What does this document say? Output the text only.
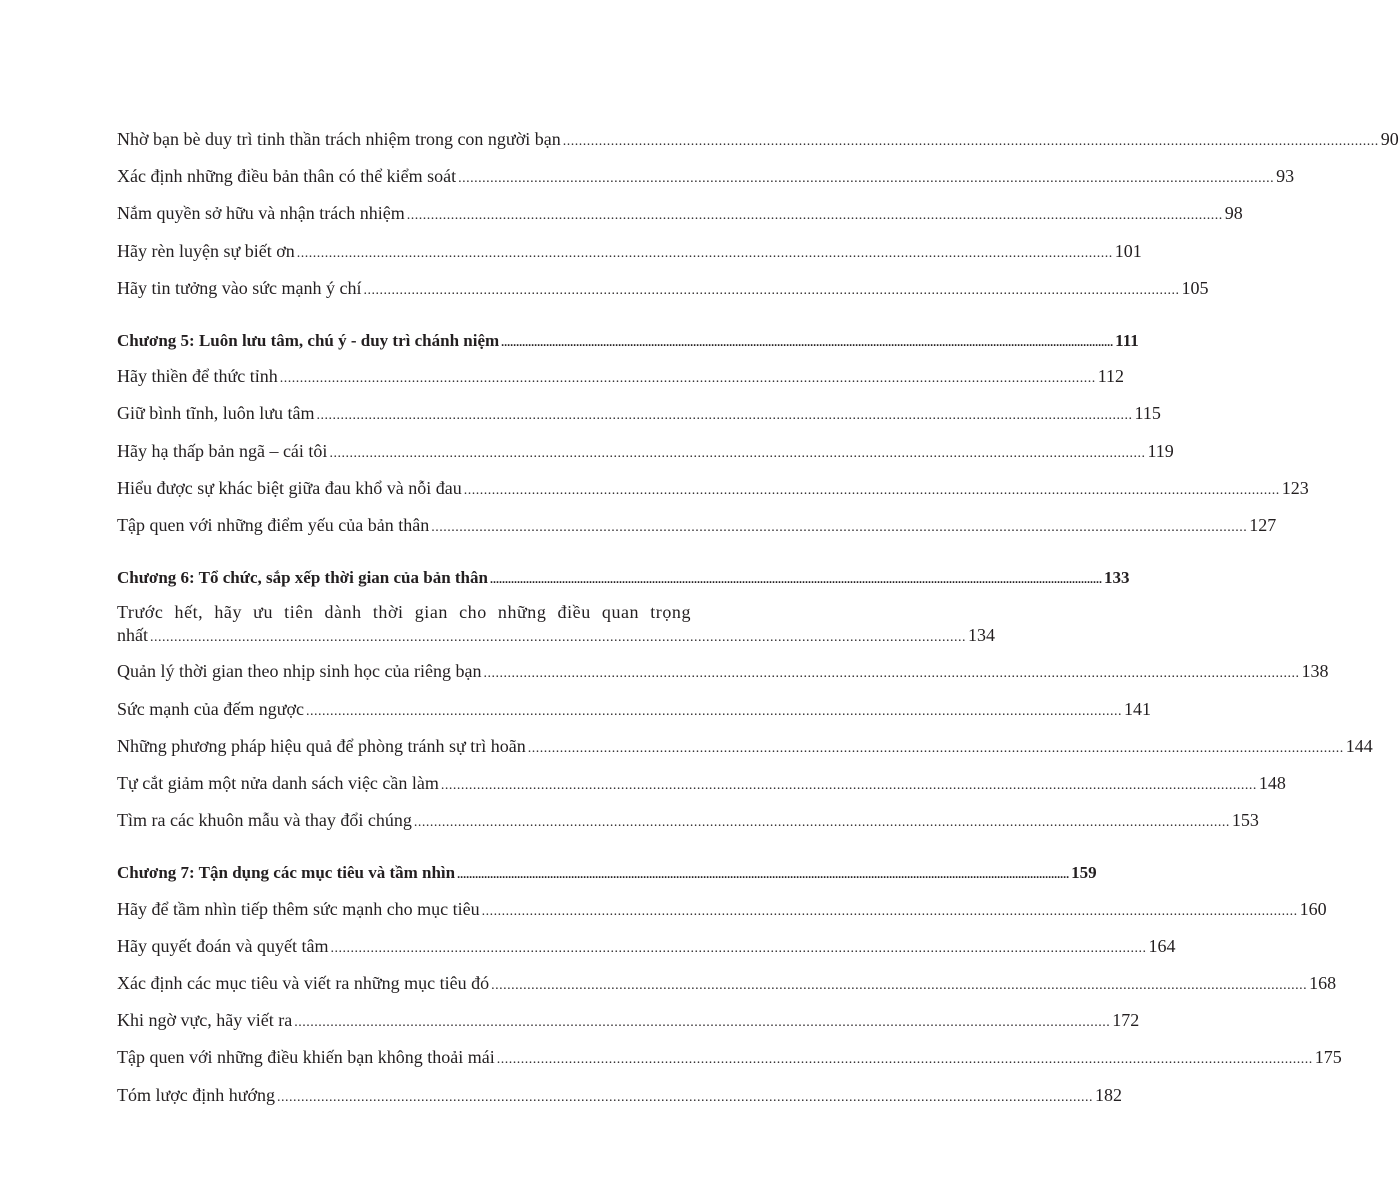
Nhờ bạn bè duy trì tinh thần trách nhiệm trong con người bạn .....	90
Xác định những điều bản thân có thể kiểm soát .....	93
Nắm quyền sở hữu và nhận trách nhiệm .....	98
Hãy rèn luyện sự biết ơn .....	101
Hãy tin tưởng vào sức mạnh ý chí .....	105
Chương 5: Luôn lưu tâm, chú ý - duy trì chánh niệm .....	111
Hãy thiền để thức tỉnh .....	112
Giữ bình tĩnh, luôn lưu tâm .....	115
Hãy hạ thấp bản ngã – cái tôi .....	119
Hiểu được sự khác biệt giữa đau khổ và nỗi đau .....	123
Tập quen với những điểm yếu của bản thân .....	127
Chương 6: Tổ chức, sắp xếp thời gian của bản thân .....	133
Trước hết, hãy ưu tiên dành thời gian cho những điều quan trọng
nhất ............................................................................................................................................................................................................ 134
Quản lý thời gian theo nhịp sinh học của riêng bạn .....	138
Sức mạnh của đếm ngược .....	141
Những phương pháp hiệu quả để phòng tránh sự trì hoãn .....	144
Tự cắt giảm một nửa danh sách việc cần làm .....	148
Tìm ra các khuôn mẫu và thay đổi chúng .....	153
Chương 7: Tận dụng các mục tiêu và tầm nhìn .....	159
Hãy để tầm nhìn tiếp thêm sức mạnh cho mục tiêu .....	160
Hãy quyết đoán và quyết tâm .....	164
Xác định các mục tiêu và viết ra những mục tiêu đó .....	168
Khi ngờ vực, hãy viết ra .....	172
Tập quen với những điều khiến bạn không thoải mái .....	175
Tóm lược định hướng .....	182
